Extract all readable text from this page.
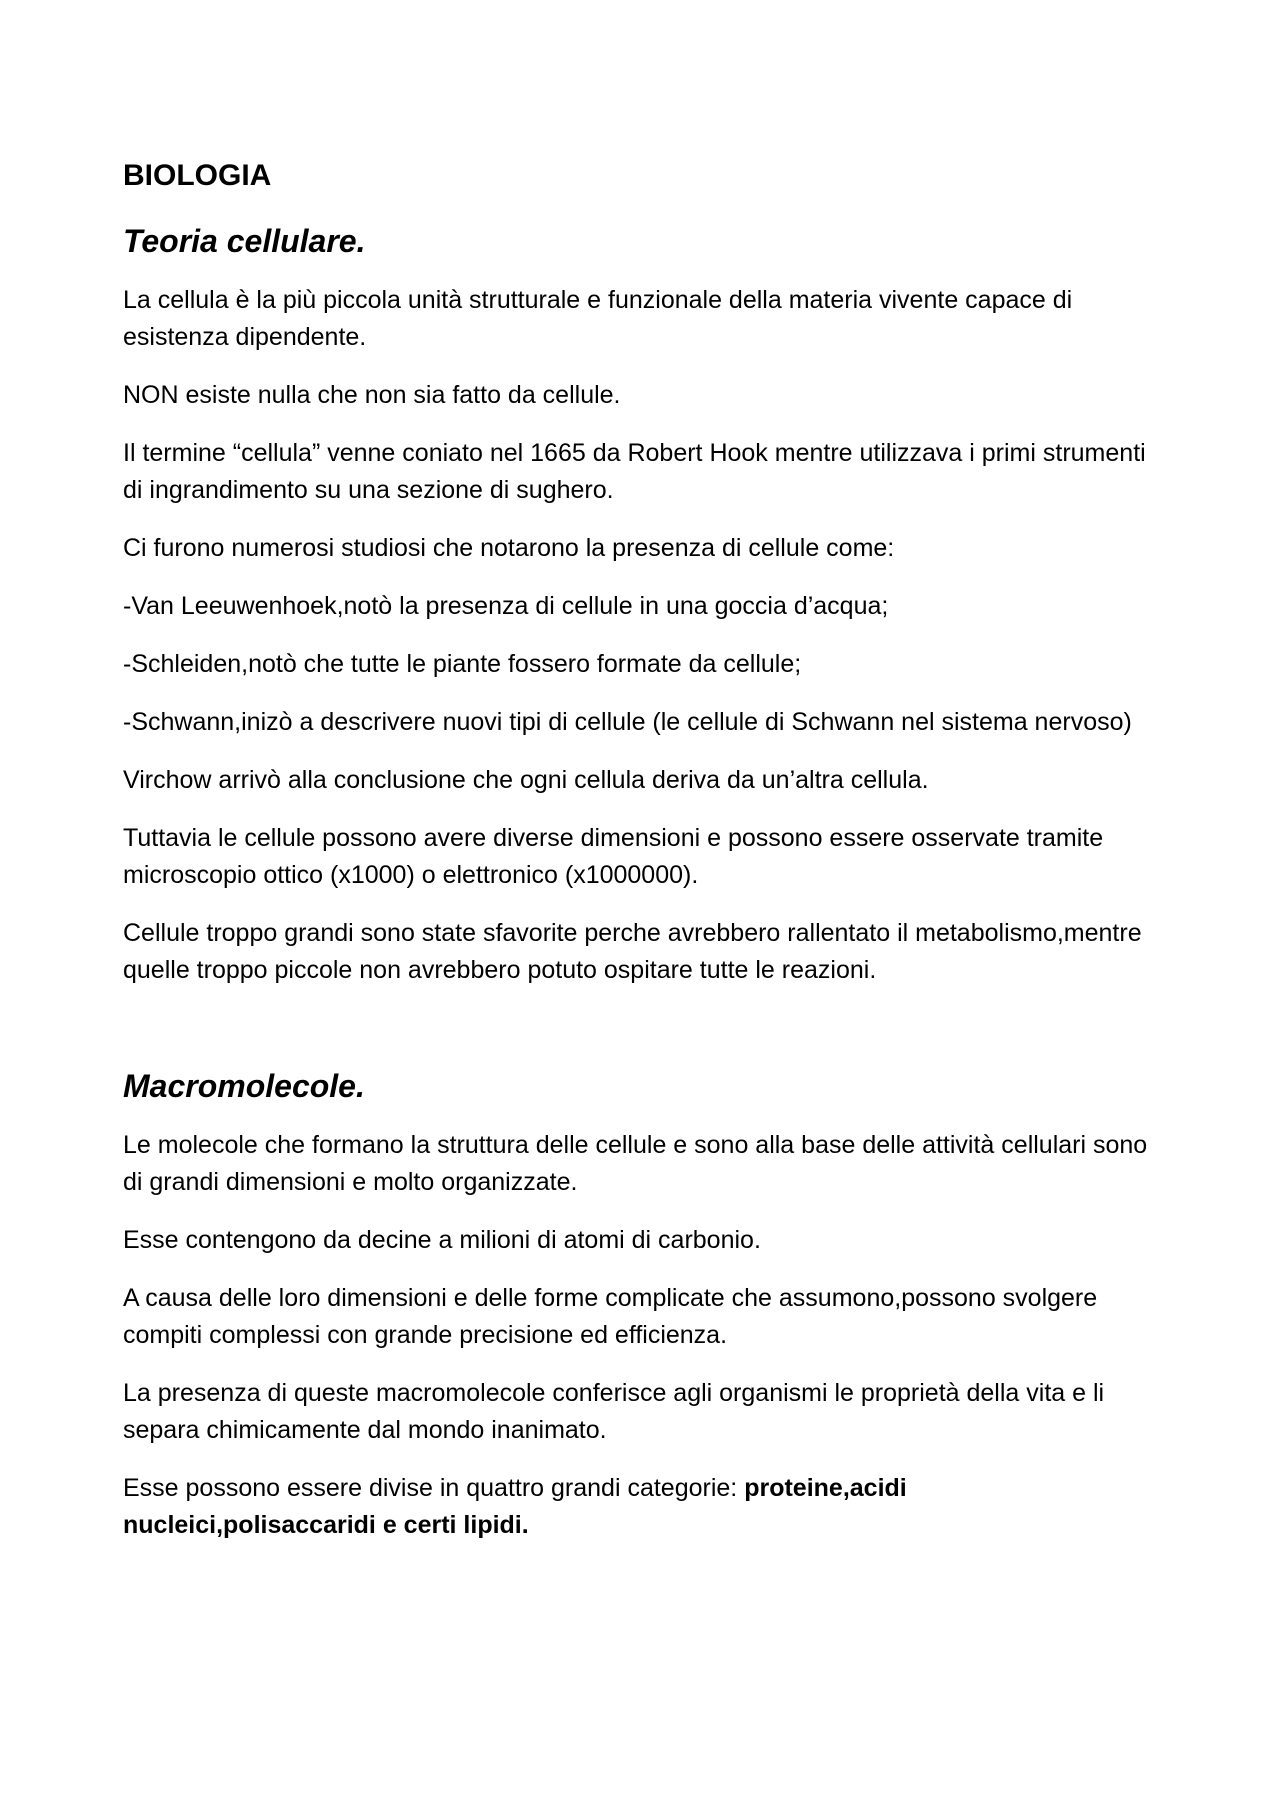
BIOLOGIA
Teoria cellulare.

La cellula è la più piccola unità strutturale e funzionale della materia vivente capace di esistenza dipendente.

NON esiste nulla che non sia fatto da cellule.

Il termine “cellula” venne coniato nel 1665 da Robert Hook mentre utilizzava i primi strumenti di ingrandimento su una sezione di sughero.

Ci furono numerosi studiosi che notarono la presenza di cellule come:

-Van Leeuwenhoek,notò la presenza di cellule in una goccia d’acqua;

-Schleiden,notò che tutte le piante fossero formate da cellule;

-Schwann,inizò a descrivere nuovi tipi di cellule (le cellule di Schwann nel sistema nervoso)

Virchow arrivò alla conclusione che ogni cellula deriva da un’altra cellula.

Tuttavia le cellule possono avere diverse dimensioni e possono essere osservate tramite microscopio ottico (x1000) o elettronico (x1000000).

Cellule troppo grandi sono state sfavorite perche avrebbero rallentato il metabolismo,mentre quelle troppo piccole non avrebbero potuto ospitare tutte le reazioni.

Macromolecole.

Le molecole che formano la struttura delle cellule e sono alla base delle attività cellulari sono di grandi dimensioni e molto organizzate.

Esse contengono da decine a milioni di atomi di carbonio.

A causa delle loro dimensioni e delle forme complicate che assumono,possono svolgere compiti complessi con grande precisione ed efficienza.

La presenza di queste macromolecole conferisce agli organismi le proprietà della vita e li separa chimicamente dal mondo inanimato.

Esse possono essere divise in quattro grandi categorie: proteine,acidi nucleici,polisaccaridi e certi lipidi.
